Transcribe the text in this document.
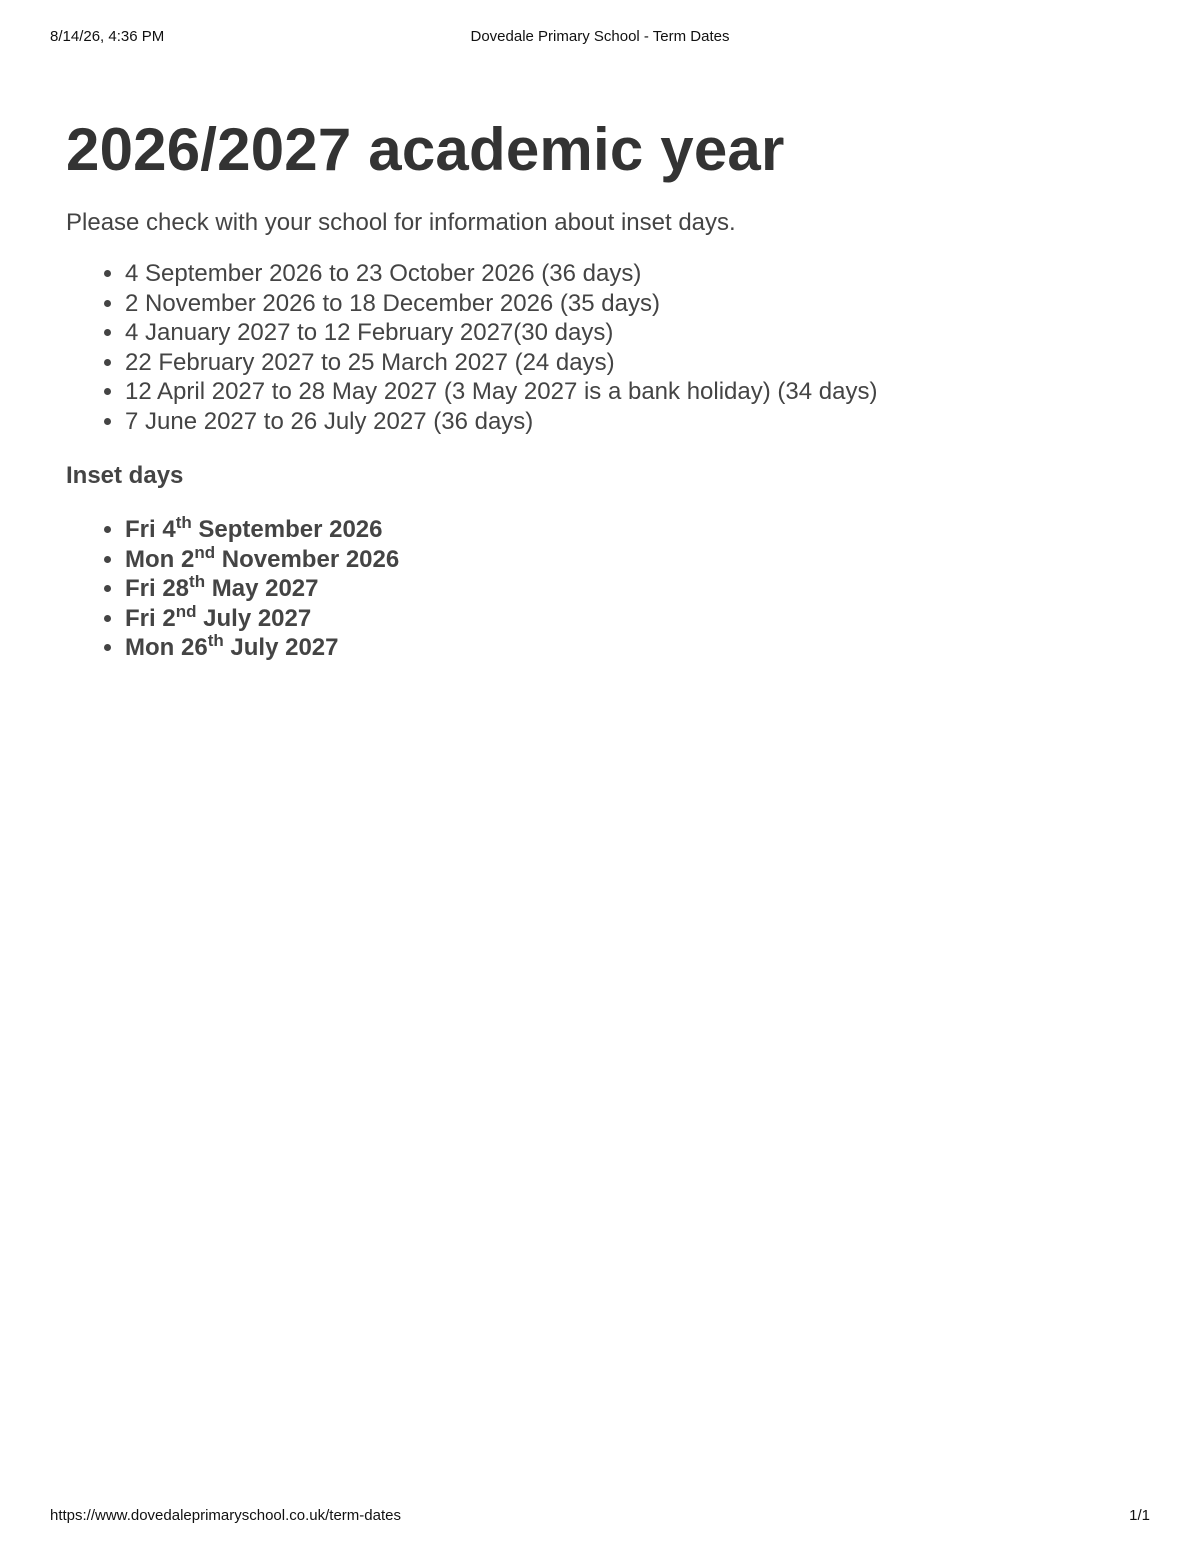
8/14/26, 4:36 PM	Dovedale Primary School - Term Dates
2026/2027 academic year

Please check with your school for information about inset days.

• 4 September 2026 to 23 October 2026 (36 days)
• 2 November 2026 to 18 December 2026 (35 days)
• 4 January 2027 to 12 February 2027(30 days)
• 22 February 2027 to 25 March 2027 (24 days)
• 12 April 2027 to 28 May 2027 (3 May 2027 is a bank holiday) (34 days)
• 7 June 2027 to 26 July 2027 (36 days)
Inset days
• Fri 4th September 2026
• Mon 2nd November 2026
• Fri 28th May 2027
• Fri 2nd July 2027
• Mon 26th July 2027
https://www.dovedaleprimaryschool.co.uk/term-dates	1/1
